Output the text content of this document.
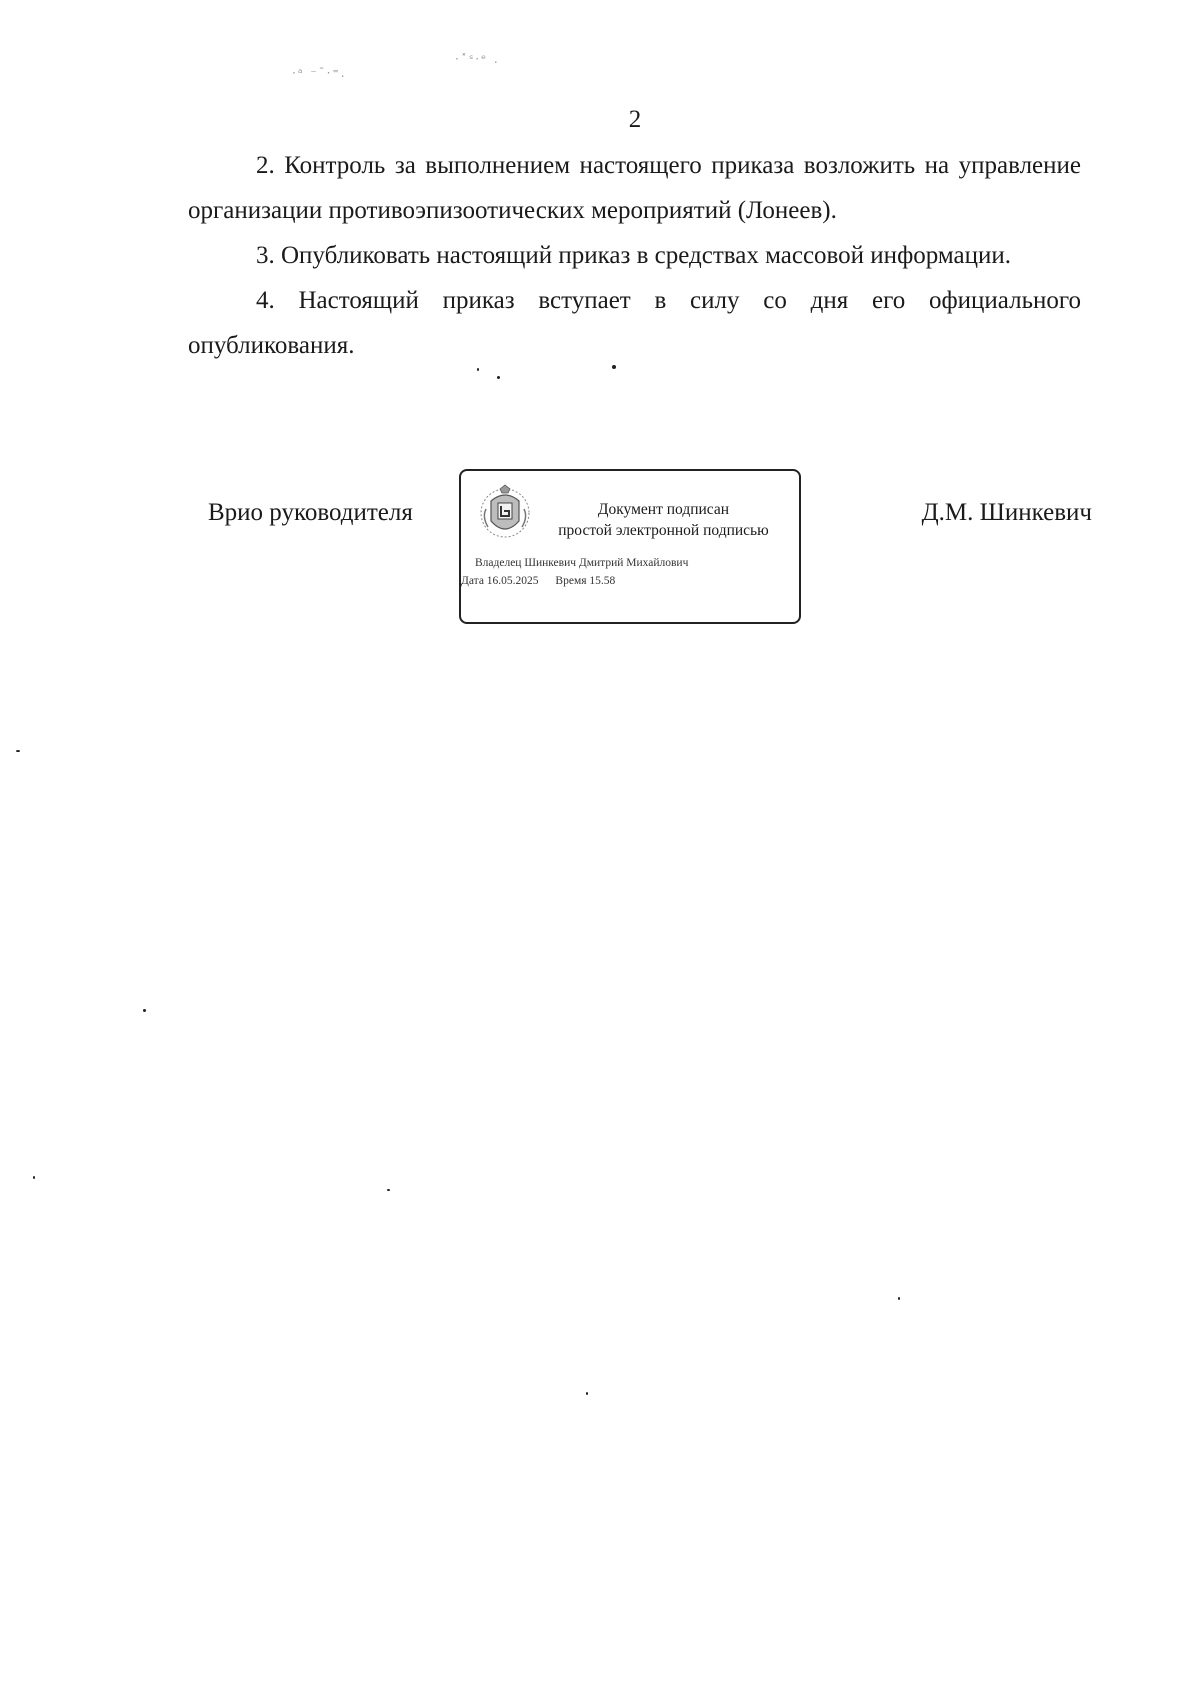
·ᵃ ⁻ˉ·⁼.
·˟ˢ·ᵉ .
2

2. Контроль за выполнением настоящего приказа возложить на управление организации противоэпизоотических мероприятий (Лонеев).

3. Опубликовать настоящий приказ в средствах массовой информации.

4. Настоящий приказ вступает в силу со дня его официального опубликования.

Врио руководителя	Документ подписан
простой электронной подписью
Владелец Шинкевич Дмитрий Михайлович
Дата 16.05.2025 Время 15.58
Д.М. Шинкевич
